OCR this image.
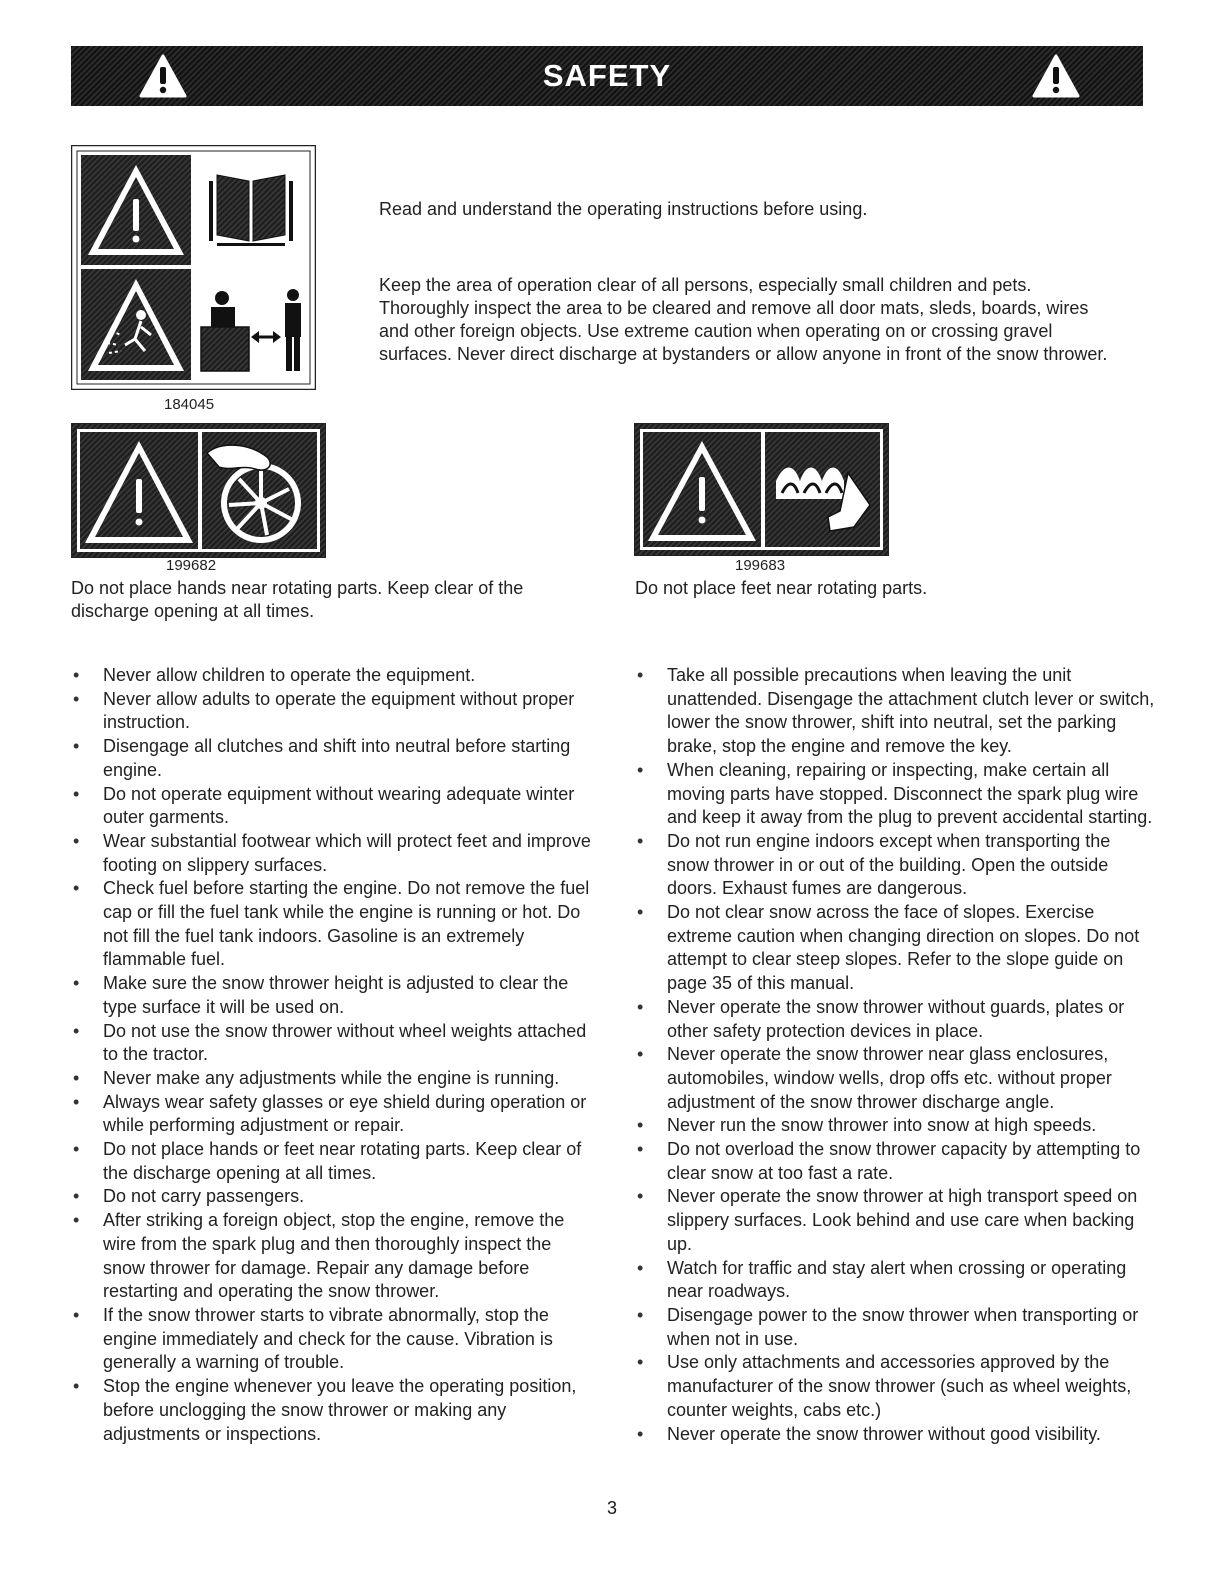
SAFETY
184045
Read and understand the operating instructions before using.
Keep the area of operation clear of all persons, especially small children and pets. Thoroughly inspect the area to be cleared and remove all door mats, sleds, boards, wires and other foreign objects. Use extreme caution when operating on or crossing gravel surfaces. Never direct discharge at bystanders or allow anyone in front of the snow thrower.
199682
Do not place hands near rotating parts. Keep clear of the discharge opening at all times.
199683
Do not place feet near rotating parts.
• Never allow children to operate the equipment.
• Never allow adults to operate the equipment without proper instruction.
• Disengage all clutches and shift into neutral before starting engine.
• Do not operate equipment without wearing adequate winter outer garments.
• Wear substantial footwear which will protect feet and improve footing on slippery surfaces.
• Check fuel before starting the engine. Do not remove the fuel cap or fill the fuel tank while the engine is running or hot. Do not fill the fuel tank indoors. Gasoline is an extremely flammable fuel.
• Make sure the snow thrower height is adjusted to clear the type surface it will be used on.
• Do not use the snow thrower without wheel weights attached to the tractor.
• Never make any adjustments while the engine is running.
• Always wear safety glasses or eye shield during operation or while performing adjustment or repair.
• Do not place hands or feet near rotating parts. Keep clear of the discharge opening at all times.
• Do not carry passengers.
• After striking a foreign object, stop the engine, remove the wire from the spark plug and then thoroughly inspect the snow thrower for damage. Repair any damage before restarting and operating the snow thrower.
• If the snow thrower starts to vibrate abnormally, stop the engine immediately and check for the cause. Vibration is generally a warning of trouble.
• Stop the engine whenever you leave the operating position, before unclogging the snow thrower or making any adjustments or inspections.
• Take all possible precautions when leaving the unit unattended. Disengage the attachment clutch lever or switch, lower the snow thrower, shift into neutral, set the parking brake, stop the engine and remove the key.
• When cleaning, repairing or inspecting, make certain all moving parts have stopped. Disconnect the spark plug wire and keep it away from the plug to prevent accidental starting.
• Do not run engine indoors except when transporting the snow thrower in or out of the building. Open the outside doors. Exhaust fumes are dangerous.
• Do not clear snow across the face of slopes. Exercise extreme caution when changing direction on slopes. Do not attempt to clear steep slopes. Refer to the slope guide on page 35 of this manual.
• Never operate the snow thrower without guards, plates or other safety protection devices in place.
• Never operate the snow thrower near glass enclosures, automobiles, window wells, drop offs etc. without proper adjustment of the snow thrower discharge angle.
• Never run the snow thrower into snow at high speeds.
• Do not overload the snow thrower capacity by attempting to clear snow at too fast a rate.
• Never operate the snow thrower at high transport speed on slippery surfaces. Look behind and use care when backing up.
• Watch for traffic and stay alert when crossing or operating near roadways.
• Disengage power to the snow thrower when transporting or when not in use.
• Use only attachments and accessories approved by the manufacturer of the snow thrower (such as wheel weights, counter weights, cabs etc.)
• Never operate the snow thrower without good visibility.
3
